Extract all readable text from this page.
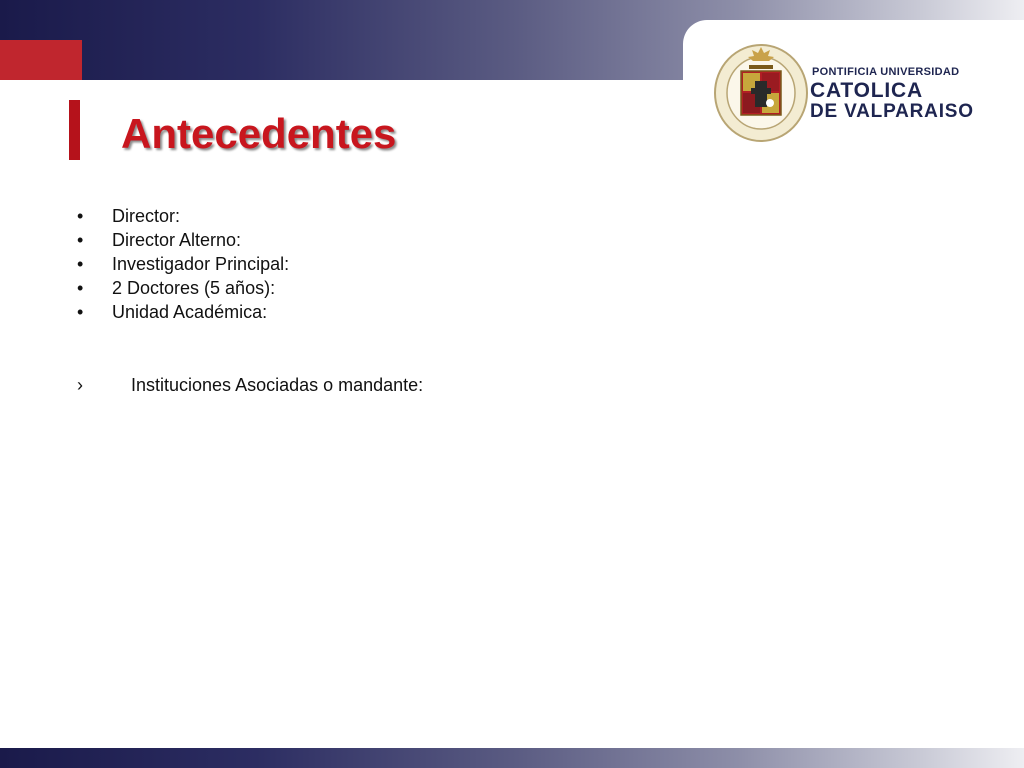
PONTIFICIA UNIVERSIDAD
CATOLICA
DE VALPARAISO
Antecedentes
• Director:
• Director Alterno:
• Investigador Principal:
• 2 Doctores (5 años):
• Unidad Académica:
›	Instituciones Asociadas o mandante:
